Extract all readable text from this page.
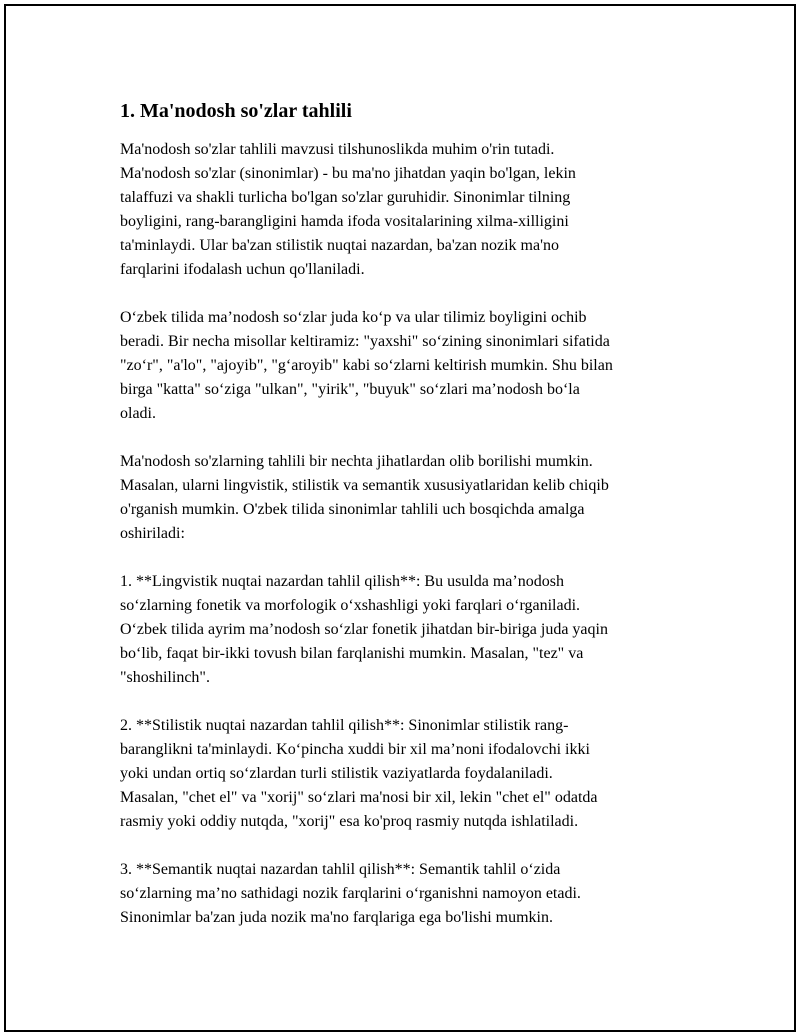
1. Ma'nodosh so'zlar tahlili

Ma'nodosh so'zlar tahlili mavzusi tilshunoslikda muhim o'rin tutadi.
Ma'nodosh so'zlar (sinonimlar) - bu ma'no jihatdan yaqin bo'lgan, lekin
talaffuzi va shakli turlicha bo'lgan so'zlar guruhidir. Sinonimlar tilning
boyligini, rang-barangligini hamda ifoda vositalarining xilma-xilligini
ta'minlaydi. Ular ba'zan stilistik nuqtai nazardan, ba'zan nozik ma'no
farqlarini ifodalash uchun qo'llaniladi.

O‘zbek tilida ma’nodosh so‘zlar juda ko‘p va ular tilimiz boyligini ochib
beradi. Bir necha misollar keltiramiz: "yaxshi" so‘zining sinonimlari sifatida
"zo‘r", "a'lo", "ajoyib", "g‘aroyib" kabi so‘zlarni keltirish mumkin. Shu bilan
birga "katta" so‘ziga "ulkan", "yirik", "buyuk" so‘zlari ma’nodosh bo‘la
oladi.

Ma'nodosh so'zlarning tahlili bir nechta jihatlardan olib borilishi mumkin.
Masalan, ularni lingvistik, stilistik va semantik xususiyatlaridan kelib chiqib
o'rganish mumkin. O'zbek tilida sinonimlar tahlili uch bosqichda amalga
oshiriladi:

1. **Lingvistik nuqtai nazardan tahlil qilish**: Bu usulda ma’nodosh
so‘zlarning fonetik va morfologik o‘xshashligi yoki farqlari o‘rganiladi.
O‘zbek tilida ayrim ma’nodosh so‘zlar fonetik jihatdan bir-biriga juda yaqin
bo‘lib, faqat bir-ikki tovush bilan farqlanishi mumkin. Masalan, "tez" va
"shoshilinch".

2. **Stilistik nuqtai nazardan tahlil qilish**: Sinonimlar stilistik rang-
baranglikni ta'minlaydi. Ko‘pincha xuddi bir xil ma’noni ifodalovchi ikki
yoki undan ortiq so‘zlardan turli stilistik vaziyatlarda foydalaniladi.
Masalan, "chet el" va "xorij" so‘zlari ma'nosi bir xil, lekin "chet el" odatda
rasmiy yoki oddiy nutqda, "xorij" esa ko'proq rasmiy nutqda ishlatiladi.

3. **Semantik nuqtai nazardan tahlil qilish**: Semantik tahlil o‘zida
so‘zlarning ma’no sathidagi nozik farqlarini o‘rganishni namoyon etadi.
Sinonimlar ba'zan juda nozik ma'no farqlariga ega bo'lishi mumkin.
